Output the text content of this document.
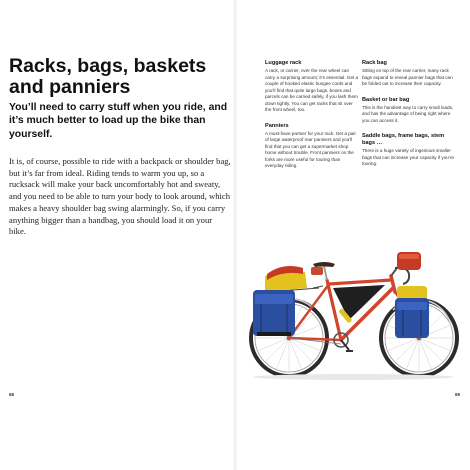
Racks, bags, baskets and panniers

You’ll need to carry stuff when you ride, and it’s much better to load up the bike than yourself.

It is, of course, possible to ride with a backpack or shoulder bag, but it’s far from ideal. Riding tends to warm you up, so a rucksack will make your back uncomfortably hot and sweaty, and you need to be able to turn your body to look around, which makes a heavy shoulder bag swing alarmingly. So, if you carry anything bigger than a handbag, you should load it on your bike.

68
Luggage rack

A rack, or carrier, over the rear wheel can carry a surprising amount; it’s essential. Get a couple of hooked elastic bungee cords and you’ll find that quite large bags, boxes and parcels can be carried safely, if you lash them down tightly. You can get racks that sit over the front wheel, too.

Panniers

A must-have partner for your rack. Get a pair of large waterproof rear panniers and you’ll find that you can get a supermarket shop home without trouble. Front panniers on the forks are more useful for touring than everyday riding.

Rack bag

Sitting on top of the rear carrier, many rack bags expand to reveal pannier bags that can be folded out to increase their capacity.

Basket or bar bag

This is the handiest way to carry small loads, and has the advantage of being right where you can access it.

Saddle bags, frame bags, stem bags …

There is a huge variety of ingenious smaller bags that can increase your capacity if you’re touring.

69
